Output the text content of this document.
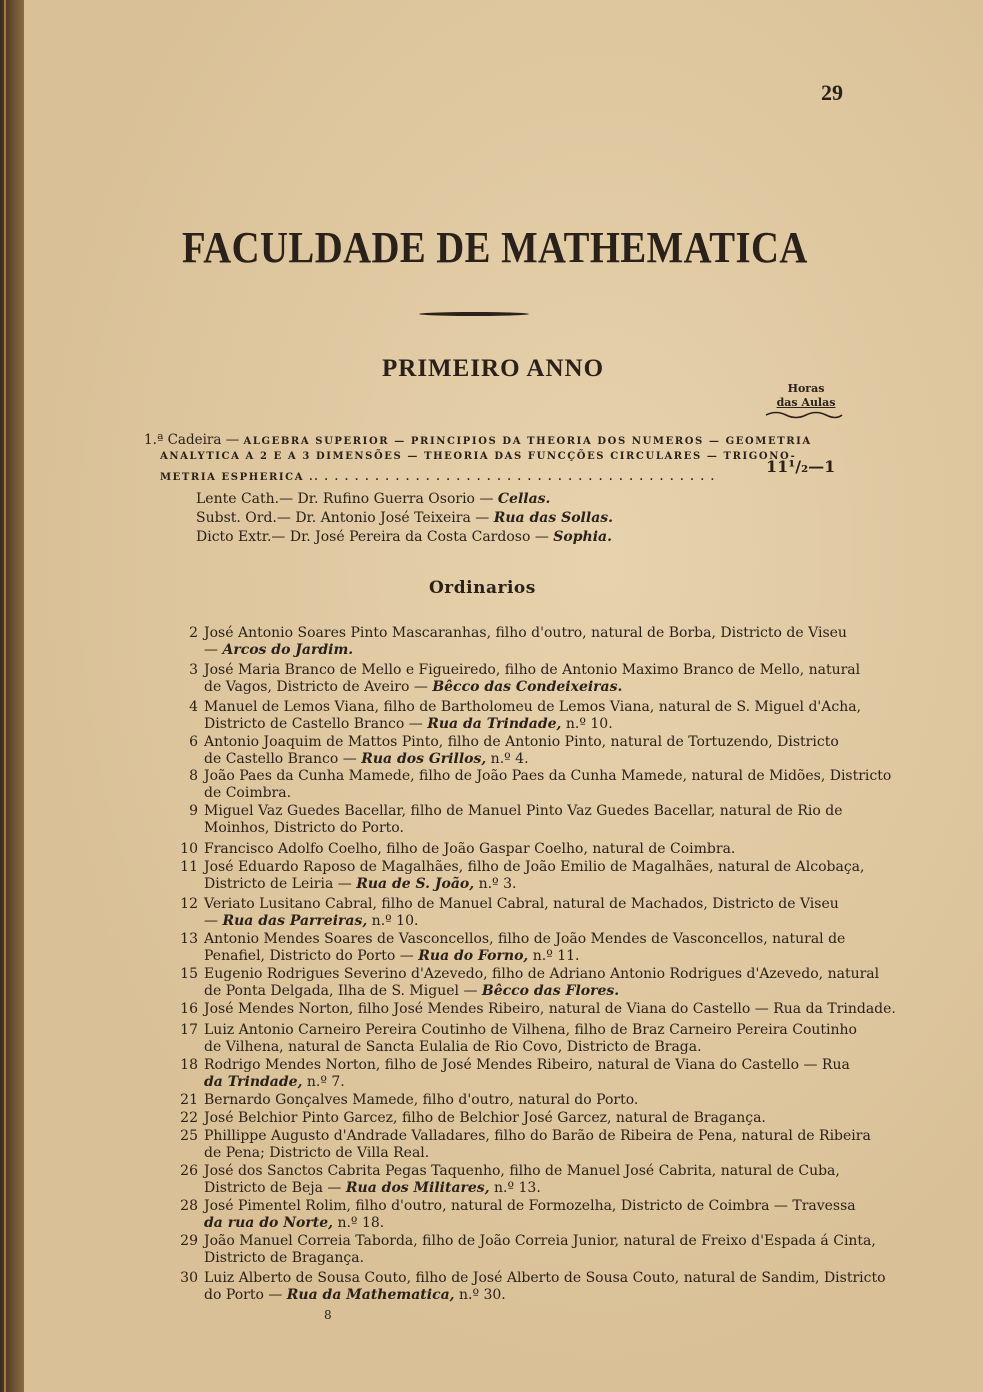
29
FACULDADE DE MATHEMATICA
PRIMEIRO ANNO
Horas
das Aulas
1.ª Cadeira — ALGEBRA SUPERIOR — PRINCIPIOS DA THEORIA DOS NUMEROS — GEOMETRIA
ANALYTICA A 2 E A 3 DIMENSÕES — THEORIA DAS FUNCÇÕES CIRCULARES — TRIGONO-
METRIA ESPHERICA .. . . . . . . . . . . . . . . . . . . . . . . . . . . . . . . . . . . . . . . .
11¹/₂—1
Lente Cath.— Dr. Rufino Guerra Osorio — Cellas.
Subst. Ord.— Dr. Antonio José Teixeira — Rua das Sollas.
Dicto Extr.— Dr. José Pereira da Costa Cardoso — Sophia.
Ordinarios
2 José Antonio Soares Pinto Mascaranhas, filho d'outro, natural de Borba, Districto de Viseu
— Arcos do Jardim.
3 José Maria Branco de Mello e Figueiredo, filho de Antonio Maximo Branco de Mello, natural
de Vagos, Districto de Aveiro — Bêcco das Condeixeiras.
4 Manuel de Lemos Viana, filho de Bartholomeu de Lemos Viana, natural de S. Miguel d'Acha,
Districto de Castello Branco — Rua da Trindade, n.º 10.
6 Antonio Joaquim de Mattos Pinto, filho de Antonio Pinto, natural de Tortuzendo, Districto
de Castello Branco — Rua dos Grillos, n.º 4.
8 João Paes da Cunha Mamede, filho de João Paes da Cunha Mamede, natural de Midões, Districto
de Coimbra.
9 Miguel Vaz Guedes Bacellar, filho de Manuel Pinto Vaz Guedes Bacellar, natural de Rio de
Moinhos, Districto do Porto.
10 Francisco Adolfo Coelho, filho de João Gaspar Coelho, natural de Coimbra.
11 José Eduardo Raposo de Magalhães, filho de João Emilio de Magalhães, natural de Alcobaça,
Districto de Leiria — Rua de S. João, n.º 3.
12 Veriato Lusitano Cabral, filho de Manuel Cabral, natural de Machados, Districto de Viseu
— Rua das Parreiras, n.º 10.
13 Antonio Mendes Soares de Vasconcellos, filho de João Mendes de Vasconcellos, natural de
Penafiel, Districto do Porto — Rua do Forno, n.º 11.
15 Eugenio Rodrigues Severino d'Azevedo, filho de Adriano Antonio Rodrigues d'Azevedo, natural
de Ponta Delgada, Ilha de S. Miguel — Bêcco das Flores.
16 José Mendes Norton, filho José Mendes Ribeiro, natural de Viana do Castello — Rua da Trindade.
17 Luiz Antonio Carneiro Pereira Coutinho de Vilhena, filho de Braz Carneiro Pereira Coutinho
de Vilhena, natural de Sancta Eulalia de Rio Covo, Districto de Braga.
18 Rodrigo Mendes Norton, filho de José Mendes Ribeiro, natural de Viana do Castello — Rua
da Trindade, n.º 7.
21 Bernardo Gonçalves Mamede, filho d'outro, natural do Porto.
22 José Belchior Pinto Garcez, filho de Belchior José Garcez, natural de Bragança.
25 Phillippe Augusto d'Andrade Valladares, filho do Barão de Ribeira de Pena, natural de Ribeira
de Pena; Districto de Villa Real.
26 José dos Sanctos Cabrita Pegas Taquenho, filho de Manuel José Cabrita, natural de Cuba,
Districto de Beja — Rua dos Militares, n.º 13.
28 José Pimentel Rolim, filho d'outro, natural de Formozelha, Districto de Coimbra — Travessa
da rua do Norte, n.º 18.
29 João Manuel Correia Taborda, filho de João Correia Junior, natural de Freixo d'Espada á Cinta,
Districto de Bragança.
30 Luiz Alberto de Sousa Couto, filho de José Alberto de Sousa Couto, natural de Sandim, Districto
do Porto — Rua da Mathematica, n.º 30.
8
